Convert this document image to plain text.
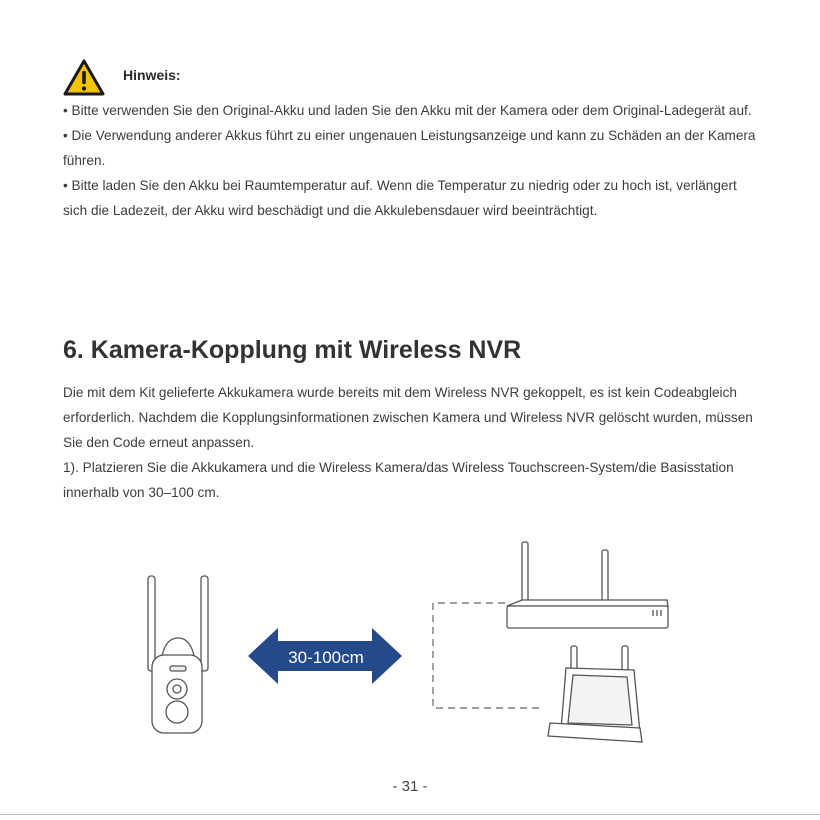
Hinweis:

• Bitte verwenden Sie den Original-Akku und laden Sie den Akku mit der Kamera oder dem Original-Ladegerät auf.

• Die Verwendung anderer Akkus führt zu einer ungenauen Leistungsanzeige und kann zu Schäden an der Kamera führen.

• Bitte laden Sie den Akku bei Raumtemperatur auf. Wenn die Temperatur zu niedrig oder zu hoch ist, verlängert sich die Ladezeit, der Akku wird beschädigt und die Akkulebensdauer wird beeinträchtigt.

6. Kamera-Kopplung mit Wireless NVR

Die mit dem Kit gelieferte Akkukamera wurde bereits mit dem Wireless NVR gekoppelt, es ist kein Codeabgleich erforderlich. Nachdem die Kopplungsinformationen zwischen Kamera und Wireless NVR gelöscht wurden, müssen Sie den Code erneut anpassen.

1). Platzieren Sie die Akkukamera und die Wireless Kamera/das Wireless Touchscreen-System/die Basisstation innerhalb von 30–100 cm.

30-100cm
- 31 -
